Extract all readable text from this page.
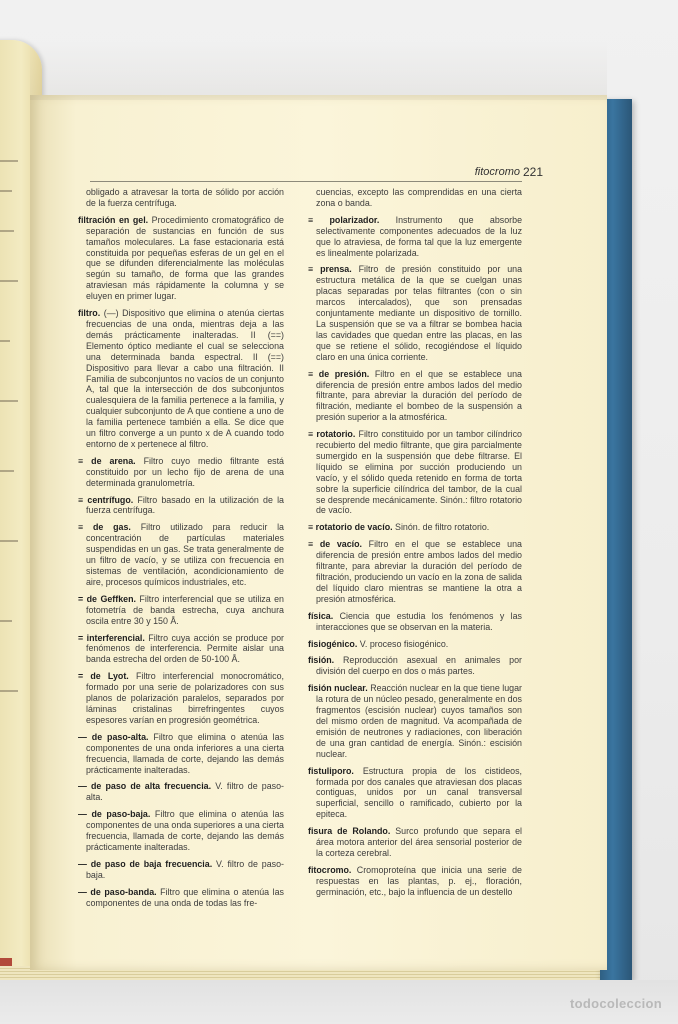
fitocromo 221

obligado a atravesar la torta de sólido por acción de la fuerza centrífuga.

filtración en gel. Procedimiento cromatográfico de separación de sustancias en función de sus tamaños moleculares. La fase estacionaria está constituida por pequeñas esferas de un gel en el que se difunden diferencialmente las moléculas según su tamaño, de forma que las grandes atraviesan más rápidamente la columna y se eluyen en primer lugar.

filtro. (—) Dispositivo que elimina o atenúa ciertas frecuencias de una onda, mientras deja a las demás prácticamente inalteradas. II (==) Elemento óptico mediante el cual se selecciona una determinada banda espectral. II (==) Dispositivo para llevar a cabo una filtración. II Familia de subconjuntos no vacíos de un conjunto A, tal que la intersección de dos subconjuntos cualesquiera de la familia pertenece a la familia, y cualquier subconjunto de A que contiene a uno de la familia pertenece también a ella. Se dice que un filtro converge a un punto x de A cuando todo entorno de x pertenece al filtro.

≡ de arena. Filtro cuyo medio filtrante está constituido por un lecho fijo de arena de una determinada granulometría.

≡ centrífugo. Filtro basado en la utilización de la fuerza centrífuga.

≡ de gas. Filtro utilizado para reducir la concentración de partículas materiales suspendidas en un gas. Se trata generalmente de un filtro de vacío, y se utiliza con frecuencia en sistemas de ventilación, acondicionamiento de aire, procesos químicos industriales, etc.

= de Geffken. Filtro interferencial que se utiliza en fotometría de banda estrecha, cuya anchura oscila entre 30 y 150 Å.

= interferencial. Filtro cuya acción se produce por fenómenos de interferencia. Permite aislar una banda estrecha del orden de 50-100 Å.

= de Lyot. Filtro interferencial monocromático, formado por una serie de polarizadores con sus planos de polarización paralelos, separados por láminas cristalinas birrefringentes cuyos espesores varían en progresión geométrica.

— de paso-alta. Filtro que elimina o atenúa las componentes de una onda inferiores a una cierta frecuencia, llamada de corte, dejando las demás prácticamente inalteradas.

— de paso de alta frecuencia. V. filtro de paso-alta.

— de paso-baja. Filtro que elimina o atenúa las componentes de una onda superiores a una cierta frecuencia, llamada de corte, dejando las demás prácticamente inalteradas.

— de paso de baja frecuencia. V. filtro de paso-baja.

— de paso-banda. Filtro que elimina o atenúa las componentes de una onda de todas las fre-

cuencias, excepto las comprendidas en una cierta zona o banda.

≡ polarizador. Instrumento que absorbe selectivamente componentes adecuados de la luz que lo atraviesa, de forma tal que la luz emergente es linealmente polarizada.

≡ prensa. Filtro de presión constituido por una estructura metálica de la que se cuelgan unas placas separadas por telas filtrantes (con o sin marcos intercalados), que son prensadas conjuntamente mediante un dispositivo de tornillo. La suspensión que se va a filtrar se bombea hacia las cavidades que quedan entre las placas, en las que se retiene el sólido, recogiéndose el líquido claro en una única corriente.

≡ de presión. Filtro en el que se establece una diferencia de presión entre ambos lados del medio filtrante, para abreviar la duración del período de filtración, mediante el bombeo de la suspensión a presión superior a la atmosférica.

≡ rotatorio. Filtro constituido por un tambor cilíndrico recubierto del medio filtrante, que gira parcialmente sumergido en la suspensión que debe filtrarse. El líquido se elimina por succión produciendo un vacío, y el sólido queda retenido en forma de torta sobre la superficie cilíndrica del tambor, de la cual se desprende mecánicamente. Sinón.: filtro rotatorio de vacío.

≡ rotatorio de vacío. Sinón. de filtro rotatorio.

≡ de vacío. Filtro en el que se establece una diferencia de presión entre ambos lados del medio filtrante, para abreviar la duración del período de filtración, produciendo un vacío en la zona de salida del líquido claro mientras se mantiene la otra a presión atmosférica.

física. Ciencia que estudia los fenómenos y las interacciones que se observan en la materia.

fisiogénico. V. proceso fisiogénico.

fisión. Reproducción asexual en animales por división del cuerpo en dos o más partes.

fisión nuclear. Reacción nuclear en la que tiene lugar la rotura de un núcleo pesado, generalmente en dos fragmentos (escisión nuclear) cuyos tamaños son del mismo orden de magnitud. Va acompañada de emisión de neutrones y radiaciones, con liberación de una gran cantidad de energía. Sinón.: escisión nuclear.

fistuliporo. Estructura propia de los cistideos, formada por dos canales que atraviesan dos placas contiguas, unidos por un canal transversal superficial, sencillo o ramificado, cubierto por la epiteca.

fisura de Rolando. Surco profundo que separa el área motora anterior del área sensorial posterior de la corteza cerebral.

fitocromo. Cromoproteína que inicia una serie de respuestas en las plantas, p. ej., floración, germinación, etc., bajo la influencia de un destello

todocoleccion
